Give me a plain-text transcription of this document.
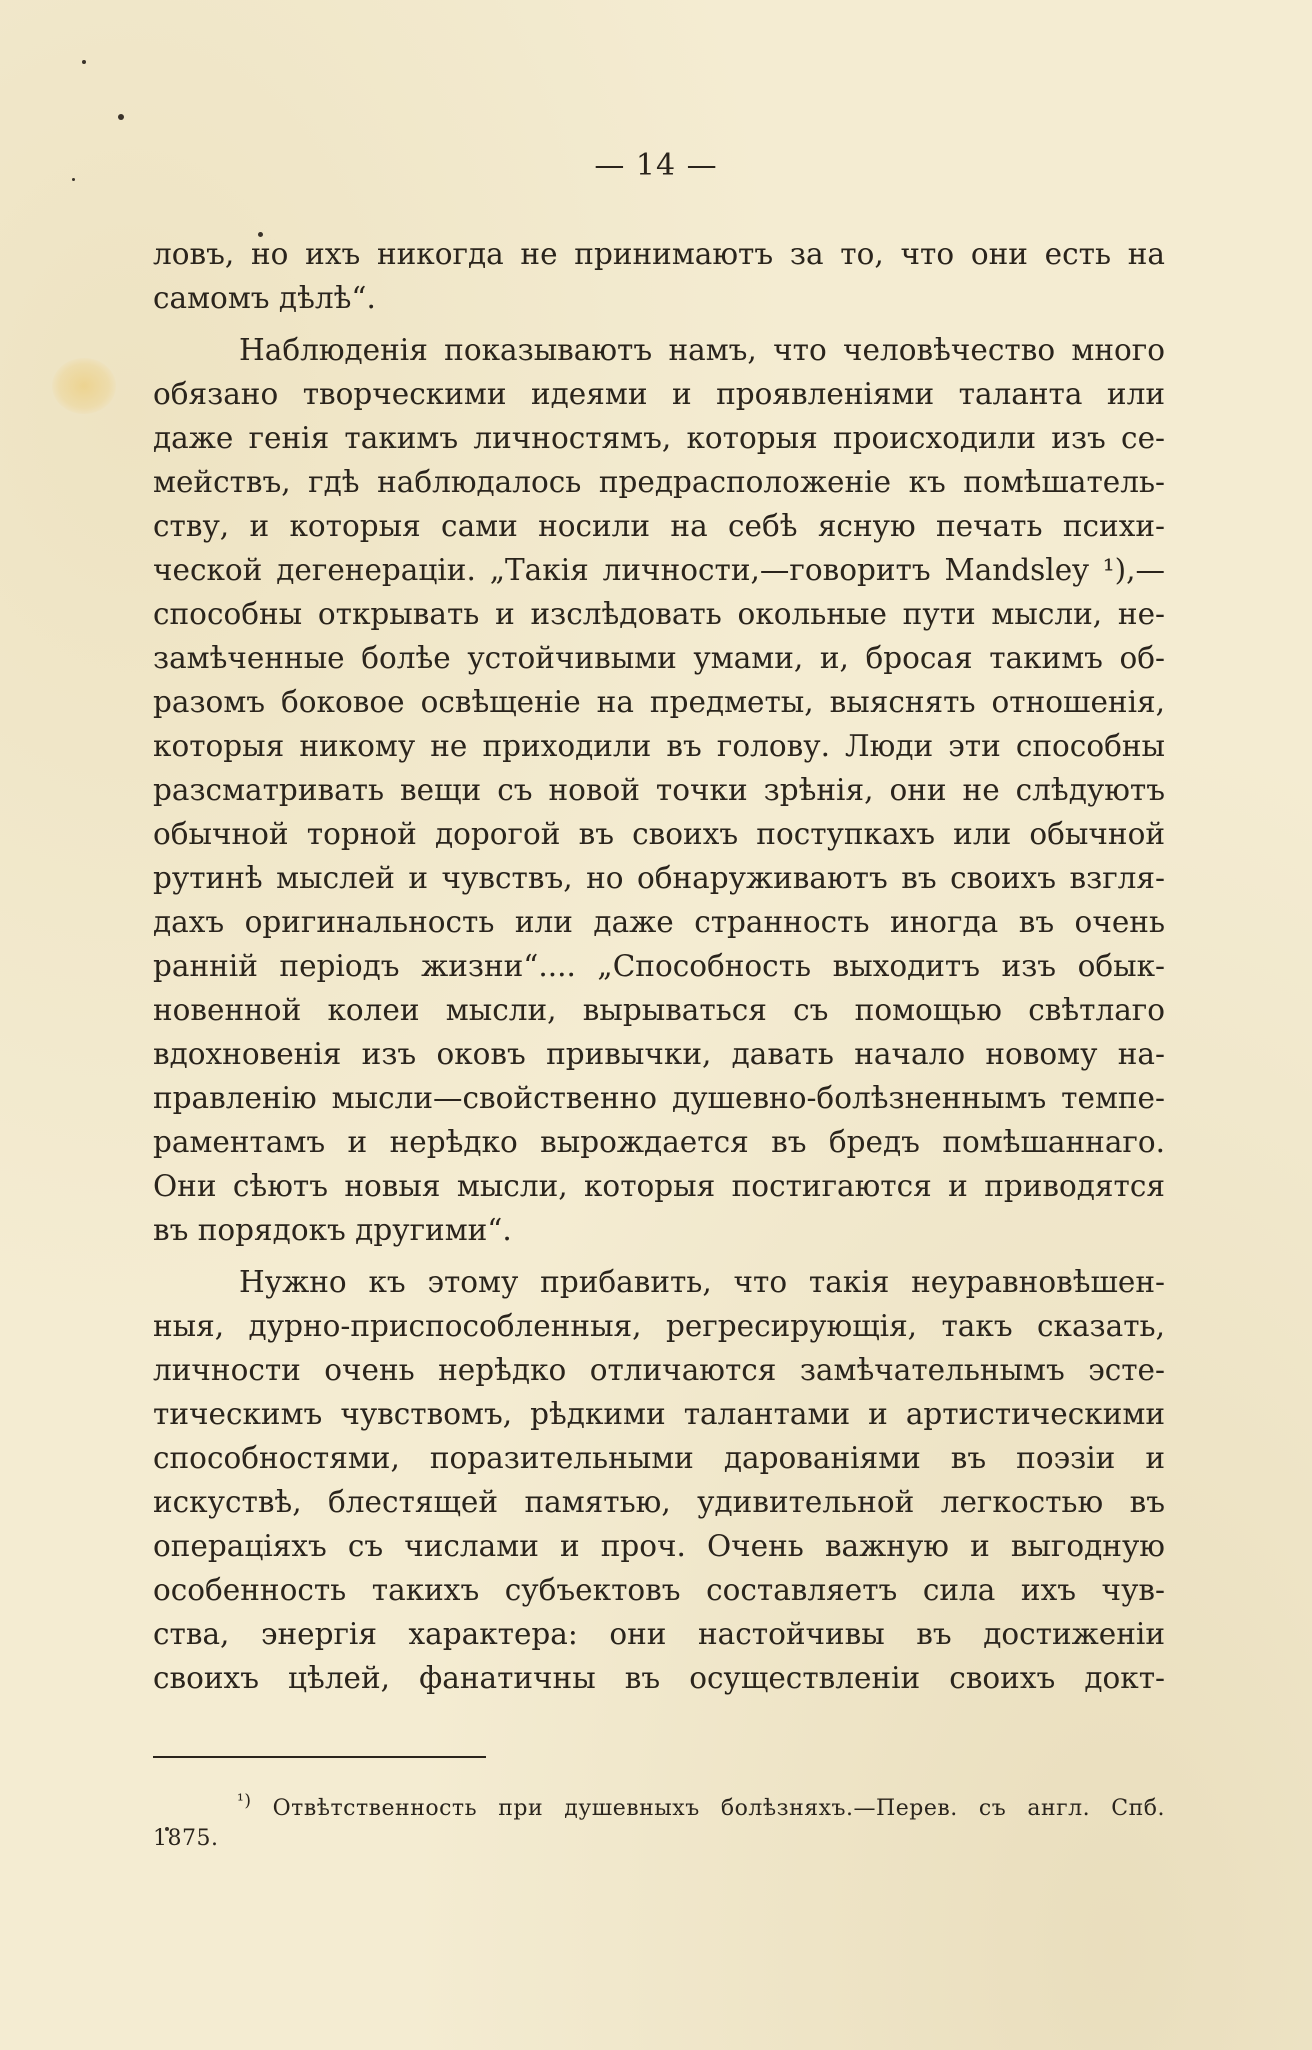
— 14 —
ловъ, но ихъ никогда не принимаютъ за то, что они есть на
самомъ дѣлѣ“.
Наблюденія показываютъ намъ, что человѣчество много
обязано творческими идеями и проявленіями таланта или
даже генія такимъ личностямъ, которыя происходили изъ се-
мействъ, гдѣ наблюдалось предрасположеніе къ помѣшатель-
ству, и которыя сами носили на себѣ ясную печать психи-
ческой дегенераціи. „Такія личности,—говоритъ Mandsley ¹),—
способны открывать и изслѣдовать окольные пути мысли, не-
замѣченные болѣе устойчивыми умами, и, бросая такимъ об-
разомъ боковое освѣщеніе на предметы, выяснять отношенія,
которыя никому не приходили въ голову. Люди эти способны
разсматривать вещи съ новой точки зрѣнія, они не слѣдуютъ
обычной торной дорогой въ своихъ поступкахъ или обычной
рутинѣ мыслей и чувствъ, но обнаруживаютъ въ своихъ взгля-
дахъ оригинальность или даже странность иногда въ очень
ранній періодъ жизни“.... „Способность выходитъ изъ обык-
новенной колеи мысли, вырываться съ помощью свѣтлаго
вдохновенія изъ оковъ привычки, давать начало новому на-
правленію мысли—свойственно душевно-болѣзненнымъ темпе-
раментамъ и нерѣдко вырождается въ бредъ помѣшаннаго.
Они сѣютъ новыя мысли, которыя постигаются и приводятся
въ порядокъ другими“.
Нужно къ этому прибавить, что такія неуравновѣшен-
ныя, дурно-приспособленныя, регресирующія, такъ сказать,
личности очень нерѣдко отличаются замѣчательнымъ эсте-
тическимъ чувствомъ, рѣдкими талантами и артистическими
способностями, поразительными дарованіями въ поэзіи и
искуствѣ, блестящей памятью, удивительной легкостью въ
операціяхъ съ числами и проч. Очень важную и выгодную
особенность такихъ субъектовъ составляетъ сила ихъ чув-
ства, энергія характера: они настойчивы въ достиженіи
своихъ цѣлей, фанатичны въ осуществленіи своихъ докт-
$^{^1)}$ Отвѣтственность при душевныхъ болѣзняхъ.—Перев. съ англ. Спб.
1875.
